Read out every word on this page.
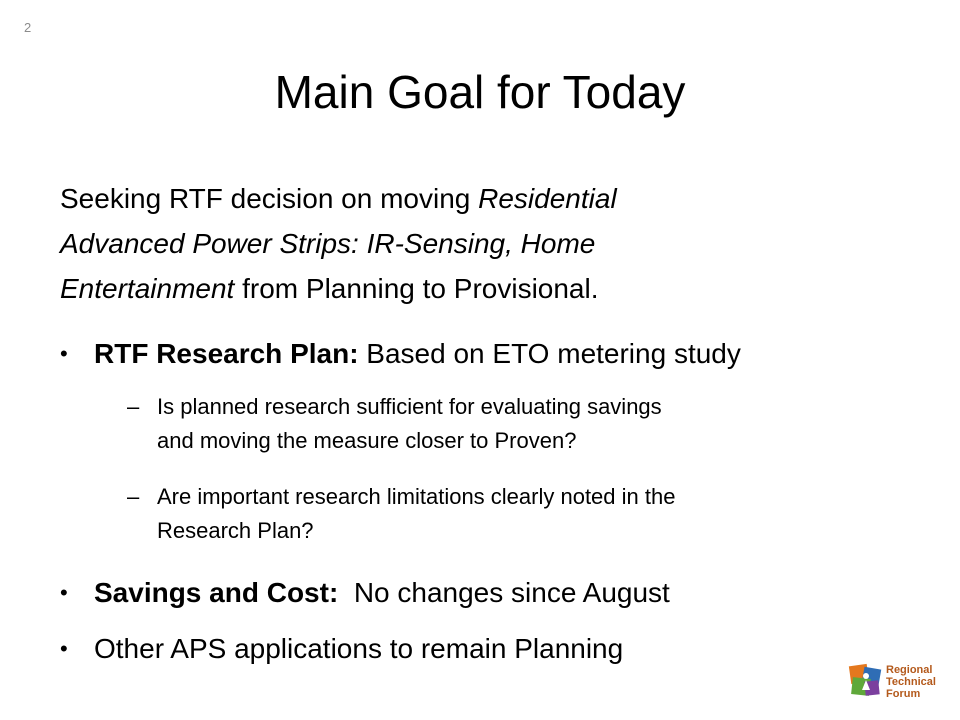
2
Main Goal for Today
Seeking RTF decision on moving Residential
Advanced Power Strips: IR-Sensing, Home
Entertainment from Planning to Provisional.
• RTF Research Plan: Based on ETO metering study
– Is planned research sufficient for evaluating savings
and moving the measure closer to Proven?
– Are important research limitations clearly noted in the
Research Plan?
• Savings and Cost:  No changes since August
• Other APS applications to remain Planning
Regional
Technical
Forum
